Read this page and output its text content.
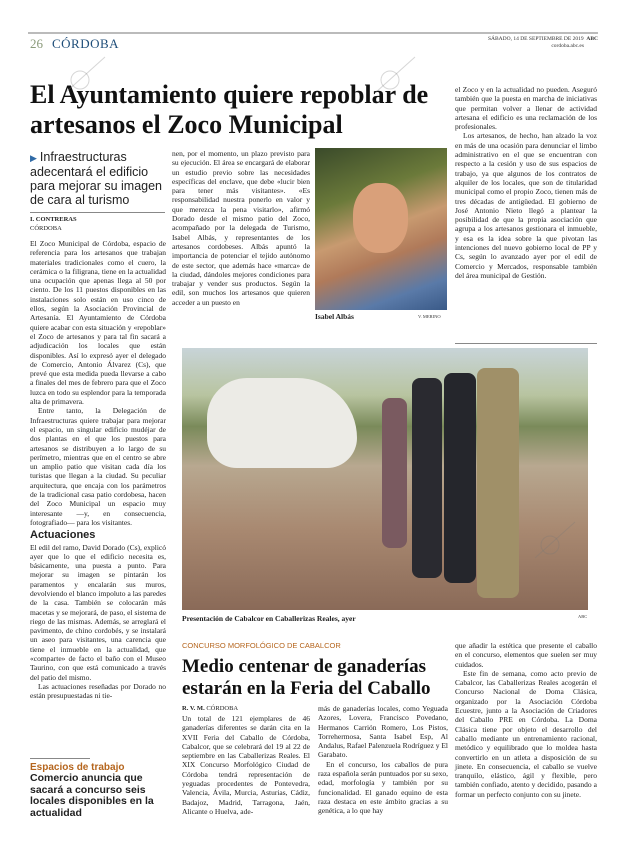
26 CÓRDOBA	SÁBADO, 14 DE SEPTIEMBRE DE 2019 ABC
cordoba.abc.es
El Ayuntamiento quiere repoblar de artesanos el Zoco Municipal
▶ Infraestructuras adecentará el edificio para mejorar su imagen de cara al turismo
I. CONTRERAS
CÓRDOBA

El Zoco Municipal de Córdoba, espacio de referencia para los artesanos que trabajan materiales tradicionales como el cuero, la cerámica o la filigrana, tiene en la actualidad una ocupación que apenas llega al 50 por ciento. De los 11 puestos disponibles en las instalaciones solo están en uso cinco de ellos, según la Asociación Provincial de Artesanía. El Ayuntamiento de Córdoba quiere acabar con esta situación y «repoblar» el Zoco de artesanos y para tal fin sacará a adjudicación los locales que están disponibles. Así lo expresó ayer el delegado de Comercio, Antonio Álvarez (Cs), que prevé que esta medida pueda llevarse a cabo a finales del mes de febrero para que el Zoco luzca en todo su esplendor para la temporada alta de primavera.

Entre tanto, la Delegación de Infraestructuras quiere trabajar para mejorar el espacio, un singular edificio mudéjar de dos plantas en el que los puestos para artesanos se distribuyen a lo largo de su perímetro, mientras que en el centro se abre un amplio patio que visitan cada día los turistas que llegan a la ciudad. Su peculiar arquitectura, que encaja con los parámetros de la tradicional casa patio cordobesa, hacen del Zoco Municipal un espacio muy interesante —y, en consecuencia, fotografiado— para los visitantes.

Actuaciones

El edil del ramo, David Dorado (Cs), explicó ayer que lo que el edificio necesita es, básicamente, una puesta a punto. Para mejorar su imagen se pintarán los paramentos y encalarán sus muros, devolviendo el blanco impoluto a las paredes de la casa. También se colocarán más macetas y se mejorará, de paso, el sistema de riego de las mismas. Además, se arreglará el pavimento, de chino cordobés, y se instalará un aseo para visitantes, una carencia que tiene el inmueble en la actualidad, que «comparte» de facto el baño con el Museo Taurino, con que está comunicado a través del patio del mismo.

Las actuaciones reseñadas por Dorado no están presupuestadas ni tie-

Espacios de trabajo
Comercio anuncia que sacará a concurso seis locales disponibles en la actualidad

nen, por el momento, un plazo previsto para su ejecución. El área se encargará de elaborar un estudio previo sobre las necesidades específicas del enclave, que debe «lucir bien para tener más visitantes». «Es responsabilidad nuestra ponerlo en valor y que merezca la pena visitarlo», afirmó Dorado desde el mismo patio del Zoco, acompañado por la delegada de Turismo, Isabel Albás, y representantes de los artesanos cordobeses. Albás apuntó la importancia de potenciar el tejido autónomo de este sector, que además hace «marca» de la ciudad, dándoles mejores condiciones para trabajar y vender sus productos. Según la edil, son muchos los artesanos que quieren acceder a un puesto en

Isabel Albás	V. MERINO

el Zoco y en la actualidad no pueden. Aseguró también que la puesta en marcha de iniciativas que permitan volver a llenar de actividad artesana el edificio es una reclamación de los profesionales.

Los artesanos, de hecho, han alzado la voz en más de una ocasión para denunciar el limbo administrativo en el que se encuentran con respecto a la cesión y uso de sus espacios de trabajo, ya que algunos de los contratos de alquiler de los locales, que son de titularidad municipal como el propio Zoco, tienen más de tres décadas de antigüedad. El gobierno de José Antonio Nieto llegó a plantear la posibilidad de que la propia asociación que agrupa a los artesanos gestionara el inmueble, y esa es la idea sobre la que pivotan las intenciones del nuevo gobierno local de PP y Cs, según lo avanzado ayer por el edil de Comercio y Mercados, responsable también del área municipal de Gestión.

Presentación de Cabalcor en Caballerizas Reales, ayer	ABC
CONCURSO MORFOLÓGICO DE CABALCOR
Medio centenar de ganaderías estarán en la Feria del Caballo
R. V. M. CÓRDOBA

Un total de 121 ejemplares de 46 ganaderías diferentes se darán cita en la XVII Feria del Caballo de Córdoba, Cabalcor, que se celebrará del 19 al 22 de septiembre en las Caballerizas Reales. El XIX Concurso Morfológico Ciudad de Córdoba tendrá representación de yeguadas procedentes de Pontevedra, Valencia, Ávila, Murcia, Asturias, Cádiz, Badajoz, Madrid, Tarragona, Jaén, Alicante o Huelva, ade-

más de ganaderías locales, como Yeguada Azores, Lovera, Francisco Povedano, Hermanos Carrión Romero, Los Pistos, Torrehermosa, Santa Isabel Esp, Al Andalus, Rafael Palenzuela Rodríguez y El Garabato.

En el concurso, los caballos de pura raza española serán puntuados por su sexo, edad, morfología y también por su funcionalidad. El ganado equino de esta raza destaca en este ámbito gracias a su genética, a lo que hay

que añadir la estética que presente el caballo en el concurso, elementos que suelen ser muy cuidados.

Este fin de semana, como acto previo de Cabalcor, las Caballerizas Reales acogerán el Concurso Nacional de Doma Clásica, organizado por la Asociación Córdoba Ecuestre, junto a la Asociación de Criadores del Caballo PRE en Córdoba. La Doma Clásica tiene por objeto el desarrollo del caballo mediante un entrenamiento racional, metódico y equilibrado que lo moldea hasta convertirlo en un atleta a disposición de su jinete. En consecuencia, el caballo se vuelve tranquilo, elástico, ágil y flexible, pero también confiado, atento y decidido, pasando a formar un perfecto conjunto con su jinete.
